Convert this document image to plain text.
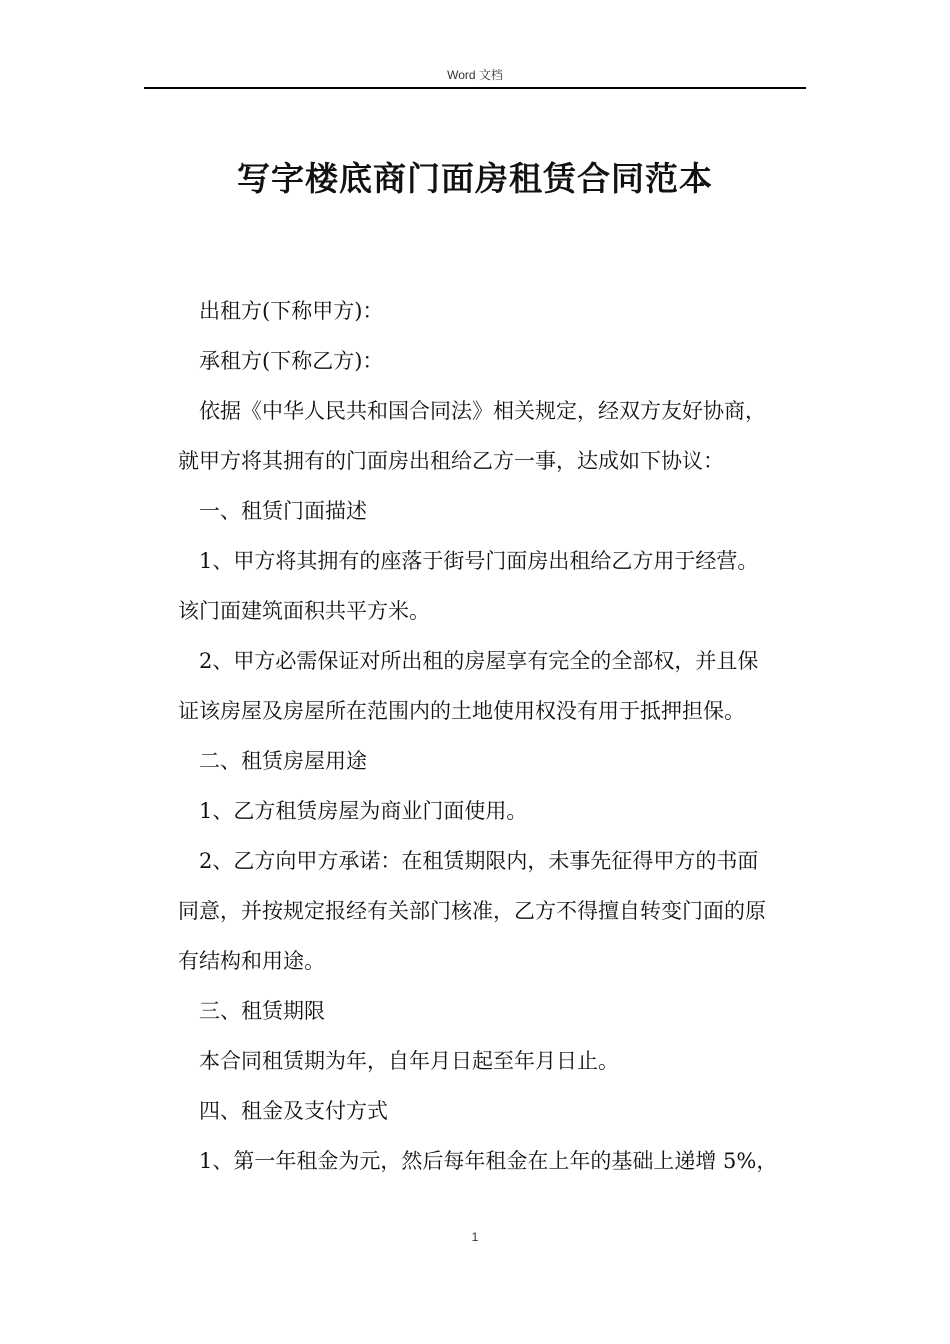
Word 文档
写字楼底商门面房租赁合同范本

出租方(下称甲方)：

承租方(下称乙方)：

依据《中华人民共和国合同法》相关规定，经双方友好协商，

就甲方将其拥有的门面房出租给乙方一事，达成如下协议：

一、租赁门面描述

1、甲方将其拥有的座落于街号门面房出租给乙方用于经营。

该门面建筑面积共平方米。

2、甲方必需保证对所出租的房屋享有完全的全部权，并且保

证该房屋及房屋所在范围内的土地使用权没有用于抵押担保。

二、租赁房屋用途

1、乙方租赁房屋为商业门面使用。

2、乙方向甲方承诺：在租赁期限内，未事先征得甲方的书面

同意，并按规定报经有关部门核准，乙方不得擅自转变门面的原

有结构和用途。

三、租赁期限

本合同租赁期为年，自年月日起至年月日止。

四、租金及支付方式

1、第一年租金为元，然后每年租金在上年的基础上递增 5%，

1
